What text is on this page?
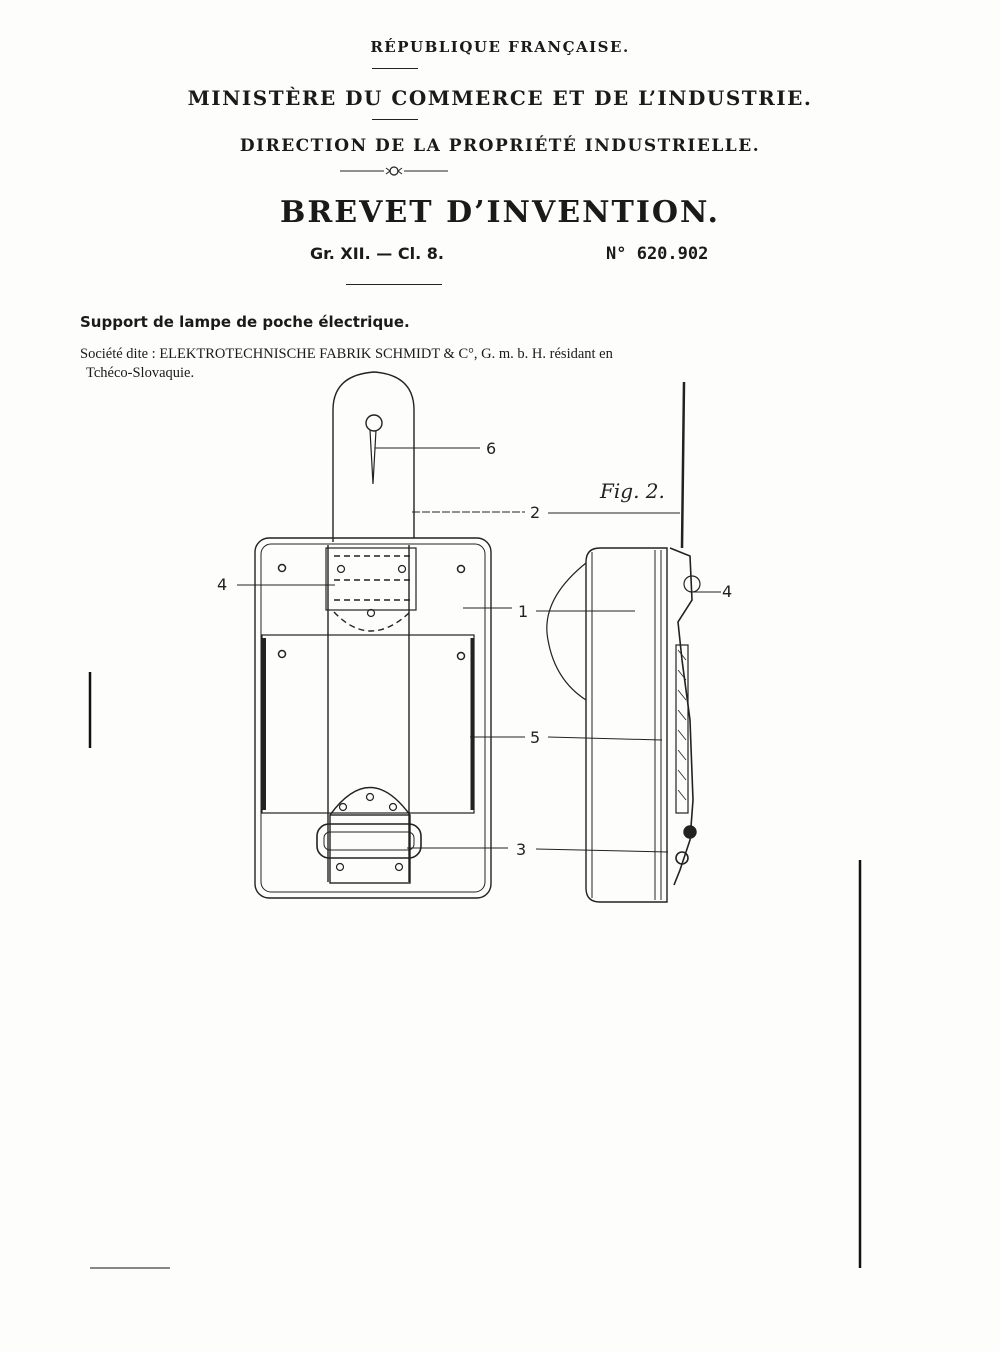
RÉPUBLIQUE FRANÇAISE.
MINISTÈRE DU COMMERCE ET DE L’INDUSTRIE.
DIRECTION DE LA PROPRIÉTÉ INDUSTRIELLE.
BREVET D’INVENTION.
Gr. XII. — Cl. 8.	N° 620.902
Support de lampe de poche électrique.
Société dite : ELEKTROTECHNISCHE FABRIK SCHMIDT & C°, G. m. b. H. résidant en
Tchéco-Slovaquie.
6
2
4
1
4
5
3
Fig. 2.
